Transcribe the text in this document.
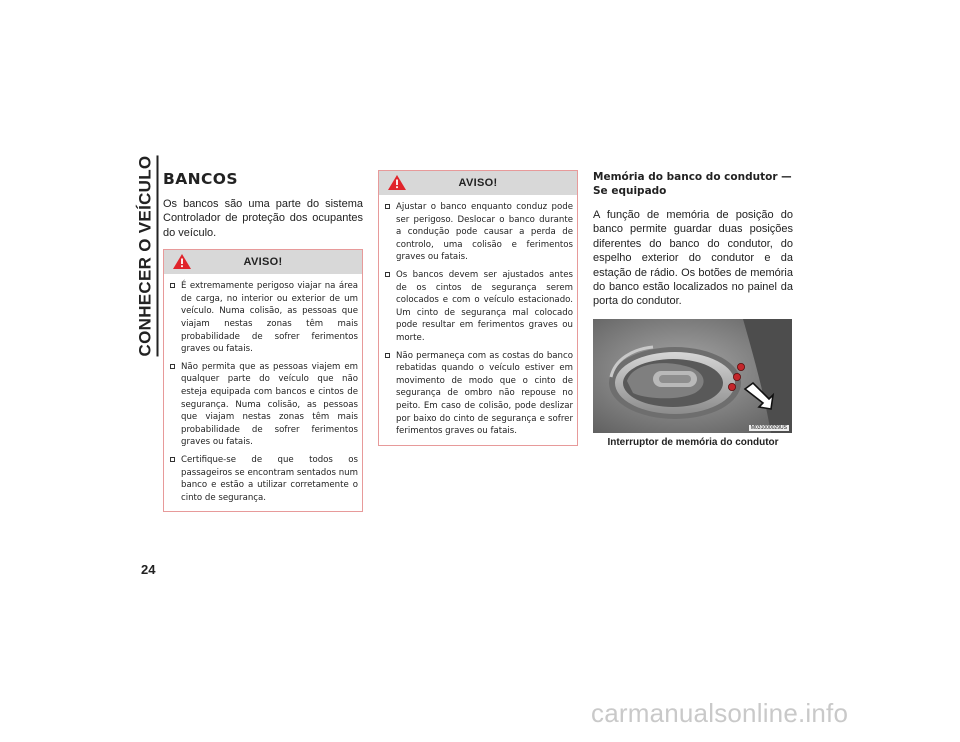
CONHECER O VEÍCULO
24
BANCOS

Os bancos são uma parte do sistema Controlador de proteção dos ocupantes do veículo.

AVISO!
É extremamente perigoso viajar na área de carga, no interior ou exterior de um veículo. Numa colisão, as pessoas que viajam nestas zonas têm mais probabilidade de sofrer ferimentos graves ou fatais.
Não permita que as pessoas viajem em qualquer parte do veículo que não esteja equipada com bancos e cintos de segurança. Numa colisão, as pessoas que viajam nestas zonas têm mais probabilidade de sofrer ferimentos graves ou fatais.
Certifique-se de que todos os passageiros se encontram sentados num banco e estão a utilizar corretamente o cinto de segurança.
AVISO!
Ajustar o banco enquanto conduz pode ser perigoso. Deslocar o banco durante a condução pode causar a perda de controlo, uma colisão e ferimentos graves ou fatais.
Os bancos devem ser ajustados antes de os cintos de segurança serem colocados e com o veículo estacionado. Um cinto de segurança mal colocado pode resultar em ferimentos graves ou morte.
Não permaneça com as costas do banco rebatidas quando o veículo estiver em movimento de modo que o cinto de segurança de ombro não repouse no peito. Em caso de colisão, pode deslizar por baixo do cinto de segurança e sofrer ferimentos graves ou fatais.
Memória do banco do condutor — Se equipado

A função de memória de posição do banco permite guardar duas posições diferentes do banco do condutor, do espelho exterior do condutor e da estação de rádio. Os botões de memória do banco estão localizados no painel da porta do condutor.

M031000029US
Interruptor de memória do condutor
carmanualsonline.info
